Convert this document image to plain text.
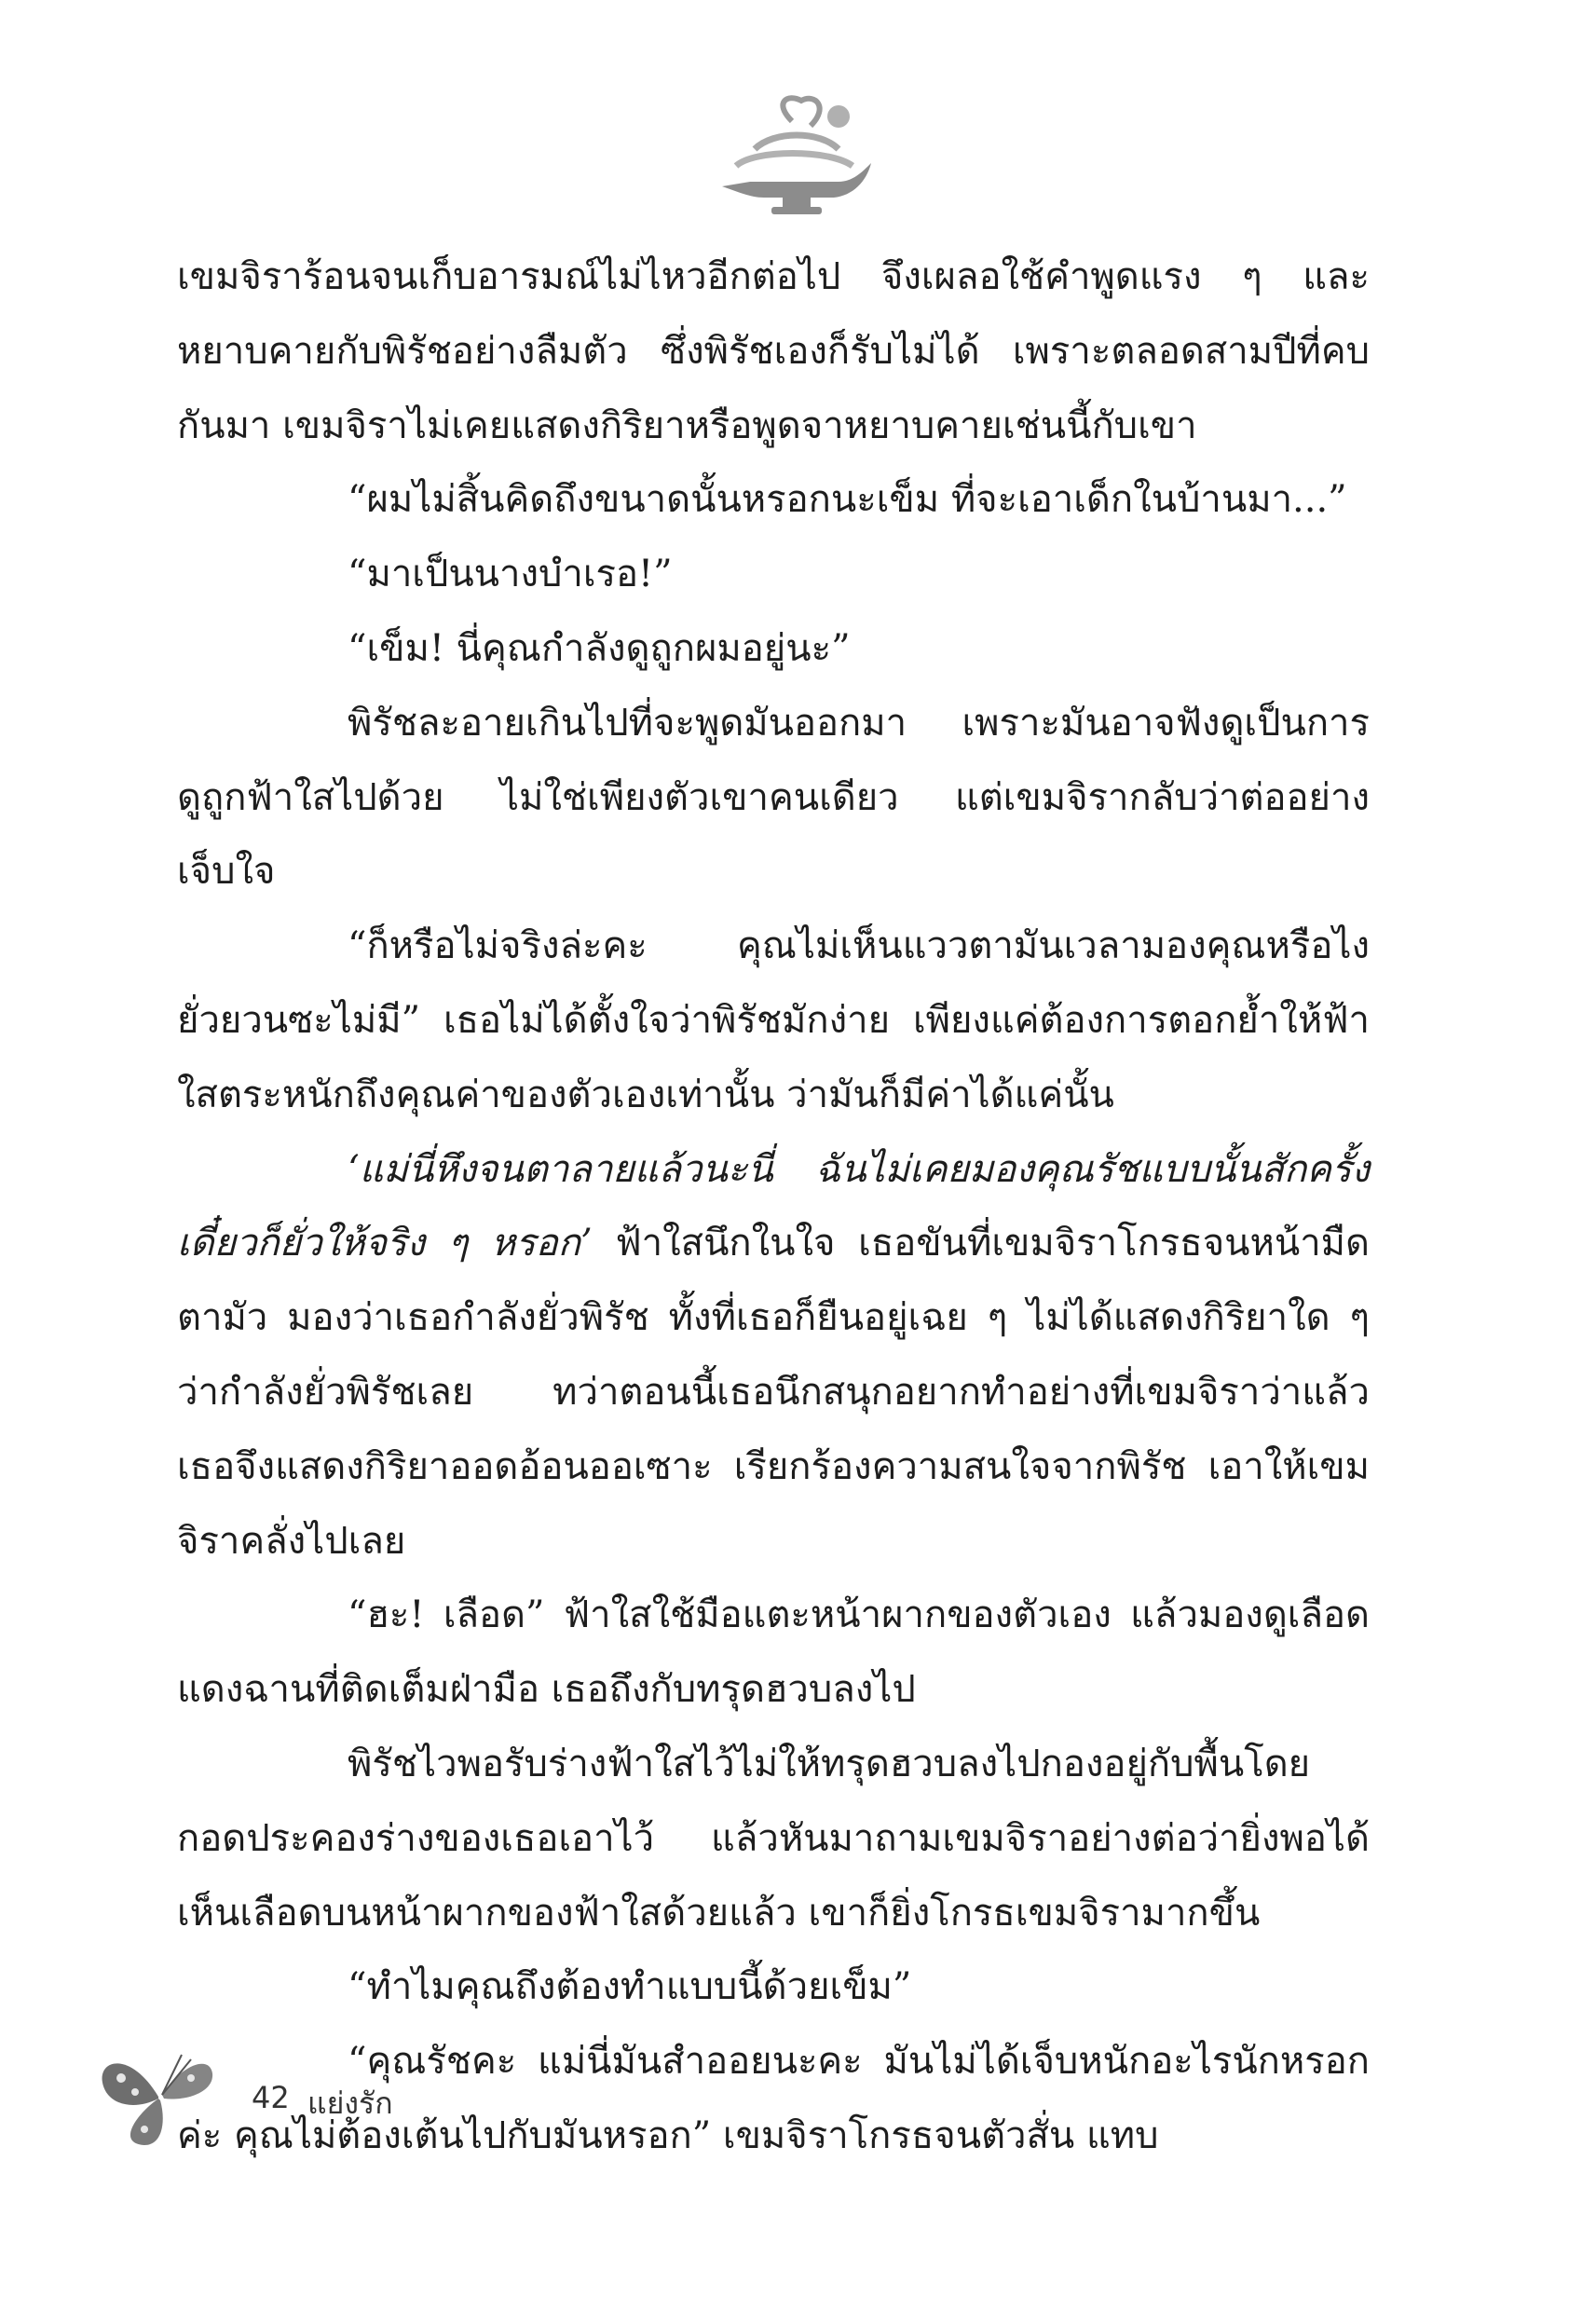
เขมจิราร้อนจนเก็บอารมณ์ไม่ไหวอีกต่อไป จึงเผลอใช้คำพูดแรง ๆ และหยาบคายกับพิรัชอย่างลืมตัว ซึ่งพิรัชเองก็รับไม่ได้ เพราะตลอดสามปีที่คบกันมา เขมจิราไม่เคยแสดงกิริยาหรือพูดจาหยาบคายเช่นนี้กับเขา

“ผมไม่สิ้นคิดถึงขนาดนั้นหรอกนะเข็ม ที่จะเอาเด็กในบ้านมา...”

“มาเป็นนางบำเรอ!”

“เข็ม! นี่คุณกำลังดูถูกผมอยู่นะ”

พิรัชละอายเกินไปที่จะพูดมันออกมา เพราะมันอาจฟังดูเป็นการดูถูกฟ้าใสไปด้วย ไม่ใช่เพียงตัวเขาคนเดียว แต่เขมจิรากลับว่าต่ออย่างเจ็บใจ

“ก็หรือไม่จริงล่ะคะ คุณไม่เห็นแววตามันเวลามองคุณหรือไงยั่วยวนซะไม่มี” เธอไม่ได้ตั้งใจว่าพิรัชมักง่าย เพียงแค่ต้องการตอกย้ำให้ฟ้าใสตระหนักถึงคุณค่าของตัวเองเท่านั้น ว่ามันก็มีค่าได้แค่นั้น

‘แม่นี่หึงจนตาลายแล้วนะนี่ ฉันไม่เคยมองคุณรัชแบบนั้นสักครั้ง เดี๋ยวก็ยั่วให้จริง ๆ หรอก’ ฟ้าใสนึกในใจ เธอขันที่เขมจิราโกรธจนหน้ามืดตามัว มองว่าเธอกำลังยั่วพิรัช ทั้งที่เธอก็ยืนอยู่เฉย ๆ ไม่ได้แสดงกิริยาใด ๆ ว่ากำลังยั่วพิรัชเลย ทว่าตอนนี้เธอนึกสนุกอยากทำอย่างที่เขมจิราว่าแล้ว เธอจึงแสดงกิริยาออดอ้อนออเซาะ เรียกร้องความสนใจจากพิรัช เอาให้เขมจิราคลั่งไปเลย

“ฮะ! เลือด” ฟ้าใสใช้มือแตะหน้าผากของตัวเอง แล้วมองดูเลือดแดงฉานที่ติดเต็มฝ่ามือ เธอถึงกับทรุดฮวบลงไป

พิรัชไวพอรับร่างฟ้าใสไว้ไม่ให้ทรุดฮวบลงไปกองอยู่กับพื้นโดยกอดประคองร่างของเธอเอาไว้ แล้วหันมาถามเขมจิราอย่างต่อว่ายิ่งพอได้เห็นเลือดบนหน้าผากของฟ้าใสด้วยแล้ว เขาก็ยิ่งโกรธเขมจิรามากขึ้น

“ทำไมคุณถึงต้องทำแบบนี้ด้วยเข็ม”

“คุณรัชคะ แม่นี่มันสำออยนะคะ มันไม่ได้เจ็บหนักอะไรนักหรอกค่ะ คุณไม่ต้องเต้นไปกับมันหรอก” เขมจิราโกรธจนตัวสั่น แทบ

42 แย่งรัก
